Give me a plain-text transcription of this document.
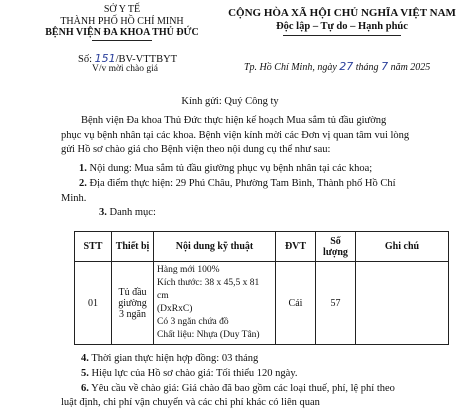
SỞ Y TẾ
THÀNH PHỐ HỒ CHÍ MINH
BỆNH VIỆN ĐA KHOA THỦ ĐỨC
CỘNG HÒA XÃ HỘI CHỦ NGHĨA VIỆT NAM
Độc lập – Tự do – Hạnh phúc
Số: 151/BV-VTTBYT
V/v mời chào giá	Tp. Hồ Chí Minh, ngày 27 tháng 7 năm 2025
Kính gửi: Quý Công ty
Bệnh viện Đa khoa Thủ Đức thực hiện kế hoạch Mua sắm tủ đầu giường
phục vụ bệnh nhân tại các khoa. Bệnh viện kính mời các Đơn vị quan tâm vui lòng
gửi Hồ sơ chào giá cho Bệnh viện theo nội dung cụ thể như sau:
1. Nội dung: Mua sắm tủ đầu giường phục vụ bệnh nhân tại các khoa;
2. Địa điểm thực hiện: 29 Phú Châu, Phường Tam Bình, Thành phố Hồ Chí
Minh.
3. Danh mục:
STT	Thiết bị	Nội dung kỹ thuật	ĐVT	Số lượng	Ghi chú
01	Tủ đầu giường 3 ngăn	Hàng mới 100%
Kích thước: 38 x 45,5 x 81 cm
(DxRxC)
Có 3 ngăn chứa đồ
Chất liệu: Nhựa (Duy Tân)	Cái	57	
4. Thời gian thực hiện hợp đồng: 03 tháng
5. Hiệu lực của Hồ sơ chào giá: Tối thiểu 120 ngày.
6. Yêu cầu về chào giá: Giá chào đã bao gồm các loại thuế, phí, lệ phí theo
luật định, chi phí vận chuyển và các chi phí khác có liên quan
